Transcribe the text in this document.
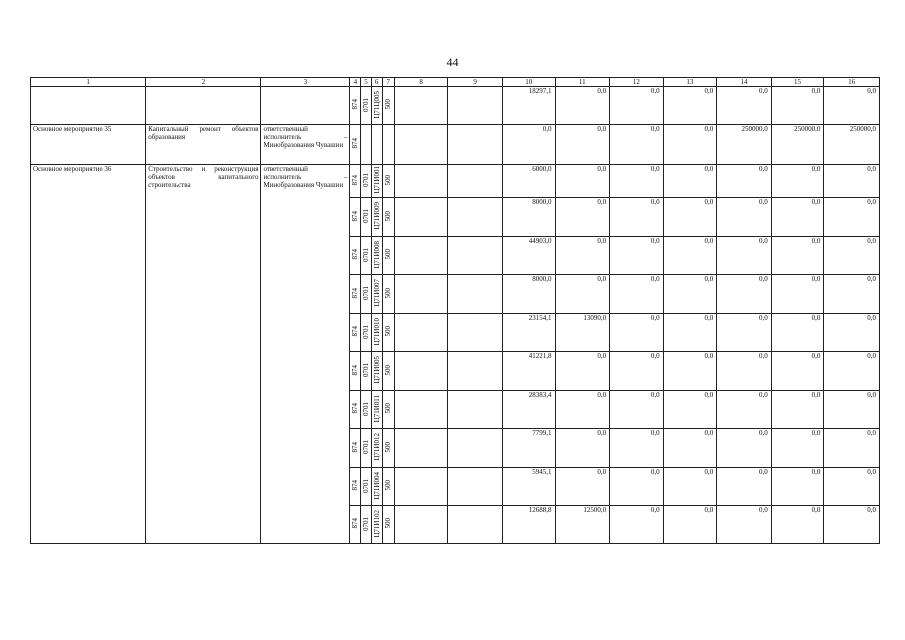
44
1	2	3	4	5	6	7	8	9	10	11	12	13	14	15	16
			874	0701	Ц71Ц005	500			18297,1	0,0	0,0	0,0	0,0	0,0	0,0
Основное мероприятие 35	Капитальный ремонт объектов образования	ответственный исполнитель – Минобразования Чувашии	874						0,0	0,0	0,0	0,0	250000,0	250000,0	250000,0
Основное мероприятие 36	Строительство и реконструкция объектов капитального строительства	ответственный исполнитель – Минобразования Чувашии	874	0701	Ц71И001	500			6000,0	0,0	0,0	0,0	0,0	0,0	0,0
			874	0701	Ц71И009	500			8000,0	0,0	0,0	0,0	0,0	0,0	0,0
			874	0701	Ц71И008	500			44903,0	0,0	0,0	0,0	0,0	0,0	0,0
			874	0701	Ц71И007	500			8000,0	0,0	0,0	0,0	0,0	0,0	0,0
			874	0701	Ц71И010	500			23154,1	13090,0	0,0	0,0	0,0	0,0	0,0
			874	0701	Ц71И005	500			41221,8	0,0	0,0	0,0	0,0	0,0	0,0
			874	0701	Ц71И011	500			28383,4	0,0	0,0	0,0	0,0	0,0	0,0
			874	0701	Ц71И012	500			7799,1	0,0	0,0	0,0	0,0	0,0	0,0
			874	0701	Ц71И004	500			5945,1	0,0	0,0	0,0	0,0	0,0	0,0
			874	0701	Ц71И102	500			12688,8	12500,0	0,0	0,0	0,0	0,0	0,0
